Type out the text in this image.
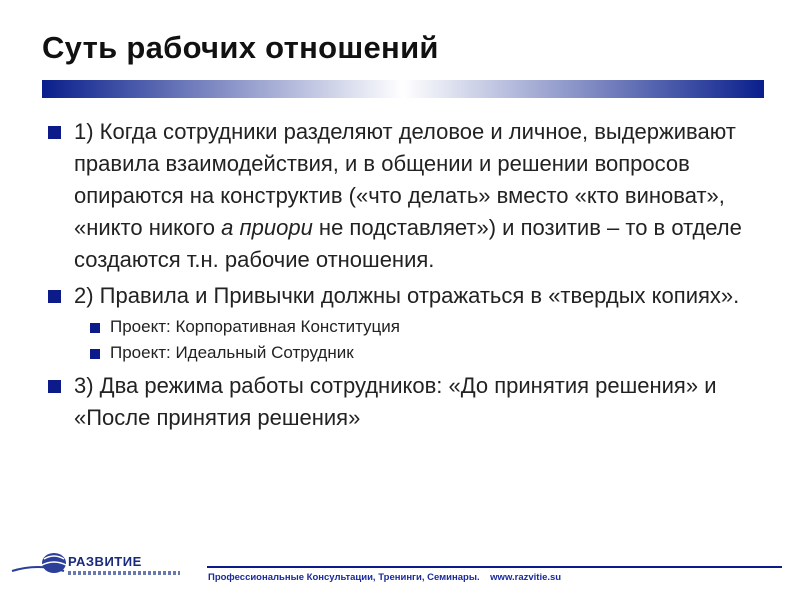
Суть рабочих отношений
1) Когда сотрудники разделяют деловое и личное, выдерживают правила взаимодействия, и в общении и решении вопросов опираются на конструктив («что делать» вместо «кто виноват», «никто никого а приори не подставляет») и позитив – то в отделе создаются т.н. рабочие отношения.
2) Правила и Привычки должны отражаться в «твердых копиях».
Проект: Корпоративная Конституция
Проект: Идеальный Сотрудник
3) Два режима работы сотрудников: «До принятия решения» и «После принятия решения»
РАЗВИТИЕ
Профессиональные Консультации, Тренинги, Семинары. www.razvitie.su
